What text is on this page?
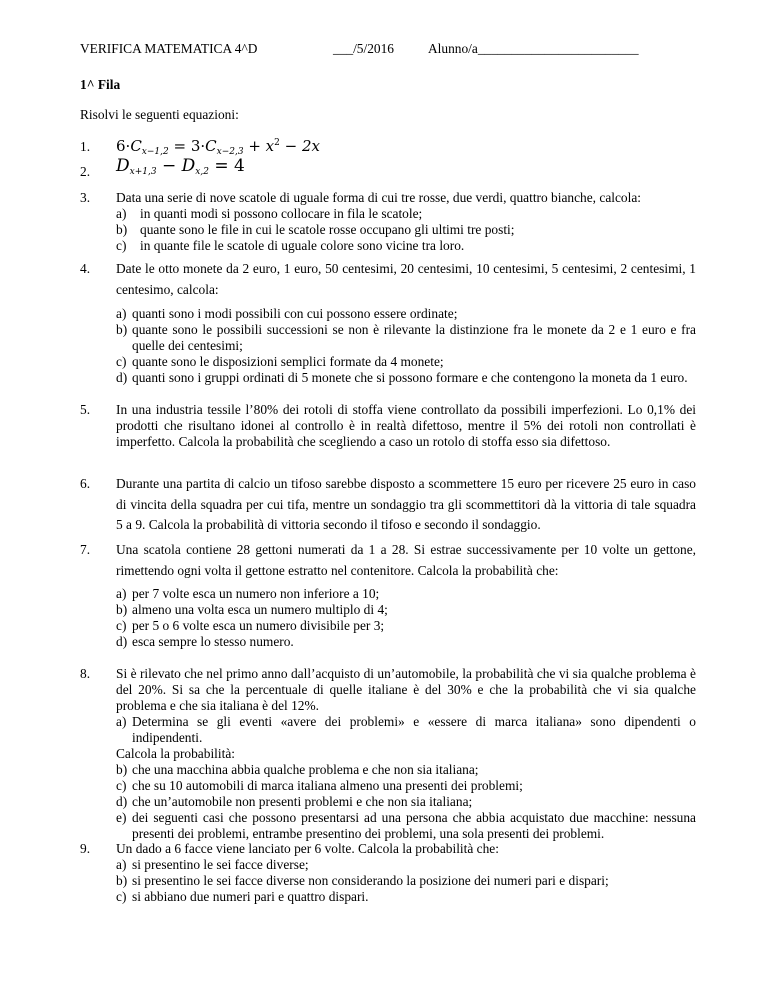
VERIFICA MATEMATICA 4^D	___/5/2016	Alunno/a________________________
1^ Fila
Risolvi le seguenti equazioni:
1. $6\cdot C_{x-1,2} = 3\cdot C_{x-2,3} + x^2 - 2x$
2. Dx+1,3 − Dx,2 = 4
3. Data una serie di nove scatole di uguale forma di cui tre rosse, due verdi, quattro bianche, calcola:
a) in quanti modi si possono collocare in fila le scatole;
b) quante sono le file in cui le scatole rosse occupano gli ultimi tre posti;
c) in quante file le scatole di uguale colore sono vicine tra loro.
4. Date le otto monete da 2 euro, 1 euro, 50 centesimi, 20 centesimi, 10 centesimi, 5 centesimi, 2 centesimi, 1 centesimo, calcola:
a) quanti sono i modi possibili con cui possono essere ordinate;
b) quante sono le possibili successioni se non è rilevante la distinzione fra le monete da 2 e 1 euro e fra quelle dei centesimi;
c) quante sono le disposizioni semplici formate da 4 monete;
d) quanti sono i gruppi ordinati di 5 monete che si possono formare e che contengono la moneta da 1 euro.
5. In una industria tessile l’80% dei rotoli di stoffa viene controllato da possibili imperfezioni. Lo 0,1% dei prodotti che risultano idonei al controllo è in realtà difettoso, mentre il 5% dei rotoli non controllati è imperfetto. Calcola la probabilità che scegliendo a caso un rotolo di stoffa esso sia difettoso.
6. Durante una partita di calcio un tifoso sarebbe disposto a scommettere 15 euro per ricevere 25 euro in caso di vincita della squadra per cui tifa, mentre un sondaggio tra gli scommettitori dà la vittoria di tale squadra 5 a 9. Calcola la probabilità di vittoria secondo il tifoso e secondo il sondaggio.
7. Una scatola contiene 28 gettoni numerati da 1 a 28. Si estrae successivamente per 10 volte un gettone, rimettendo ogni volta il gettone estratto nel contenitore. Calcola la probabilità che:
a) per 7 volte esca un numero non inferiore a 10;
b) almeno una volta esca un numero multiplo di 4;
c) per 5 o 6 volte esca un numero divisibile per 3;
d) esca sempre lo stesso numero.
8. Si è rilevato che nel primo anno dall’acquisto di un’automobile, la probabilità che vi sia qualche problema è del 20%. Si sa che la percentuale di quelle italiane è del 30% e che la probabilità che vi sia qualche problema e che sia italiana è del 12%.
a) Determina se gli eventi «avere dei problemi» e «essere di marca italiana» sono dipendenti o indipendenti.
Calcola la probabilità:
b) che una macchina abbia qualche problema e che non sia italiana;
c) che su 10 automobili di marca italiana almeno una presenti dei problemi;
d) che un’automobile non presenti problemi e che non sia italiana;
e) dei seguenti casi che possono presentarsi ad una persona che abbia acquistato due macchine: nessuna presenti dei problemi, entrambe presentino dei problemi, una sola presenti dei problemi.
9. Un dado a 6 facce viene lanciato per 6 volte. Calcola la probabilità che:
a) si presentino le sei facce diverse;
b) si presentino le sei facce diverse non considerando la posizione dei numeri pari e dispari;
c) si abbiano due numeri pari e quattro dispari.
